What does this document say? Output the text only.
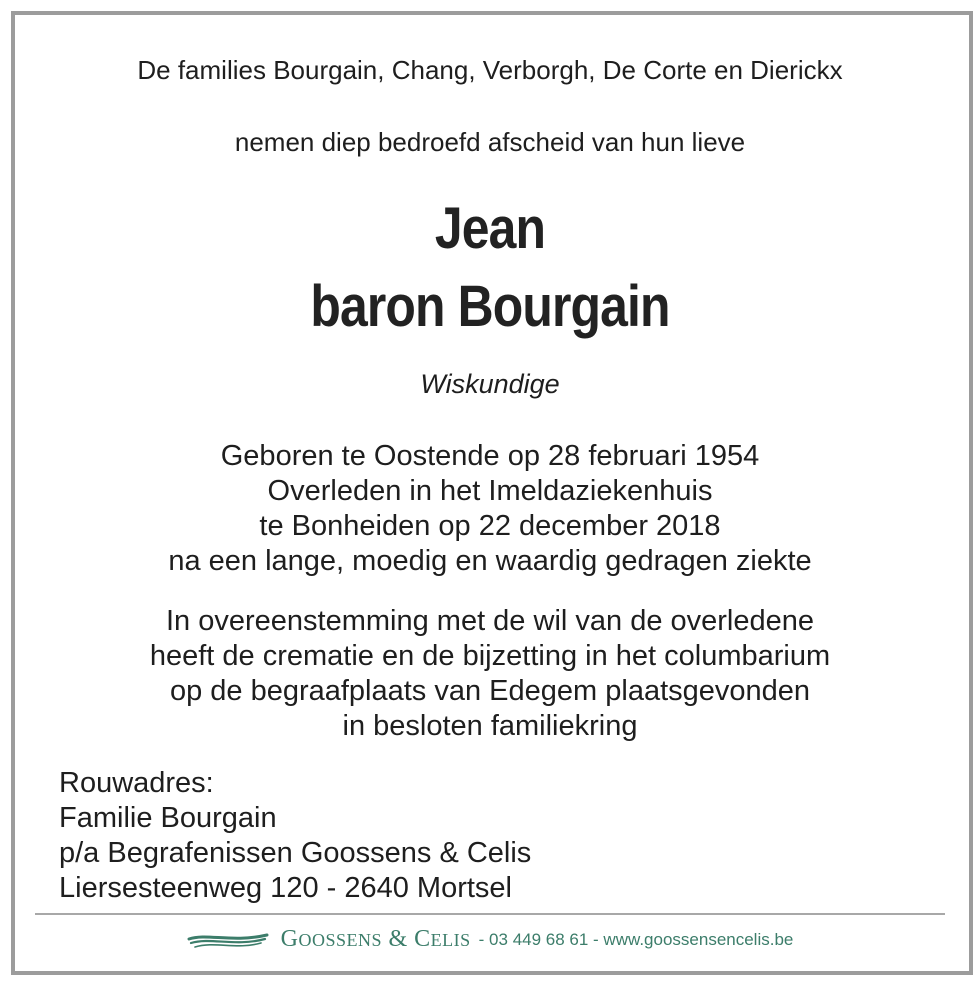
De families Bourgain, Chang, Verborgh, De Corte en Dierickx
nemen diep bedroefd afscheid van hun lieve
Jean
baron Bourgain
Wiskundige
Geboren te Oostende op 28 februari 1954
Overleden in het Imeldaziekenhuis
te Bonheiden op 22 december 2018
na een lange, moedig en waardig gedragen ziekte
In overeenstemming met de wil van de overledene
heeft de crematie en de bijzetting in het columbarium
op de begraafplaats van Edegem plaatsgevonden
in besloten familiekring
Rouwadres:
Familie Bourgain
p/a Begrafenissen Goossens & Celis
Liersesteenweg 120 - 2640 Mortsel
GOOSSENS & CELIS - 03 449 68 61 - www.goossensencelis.be
